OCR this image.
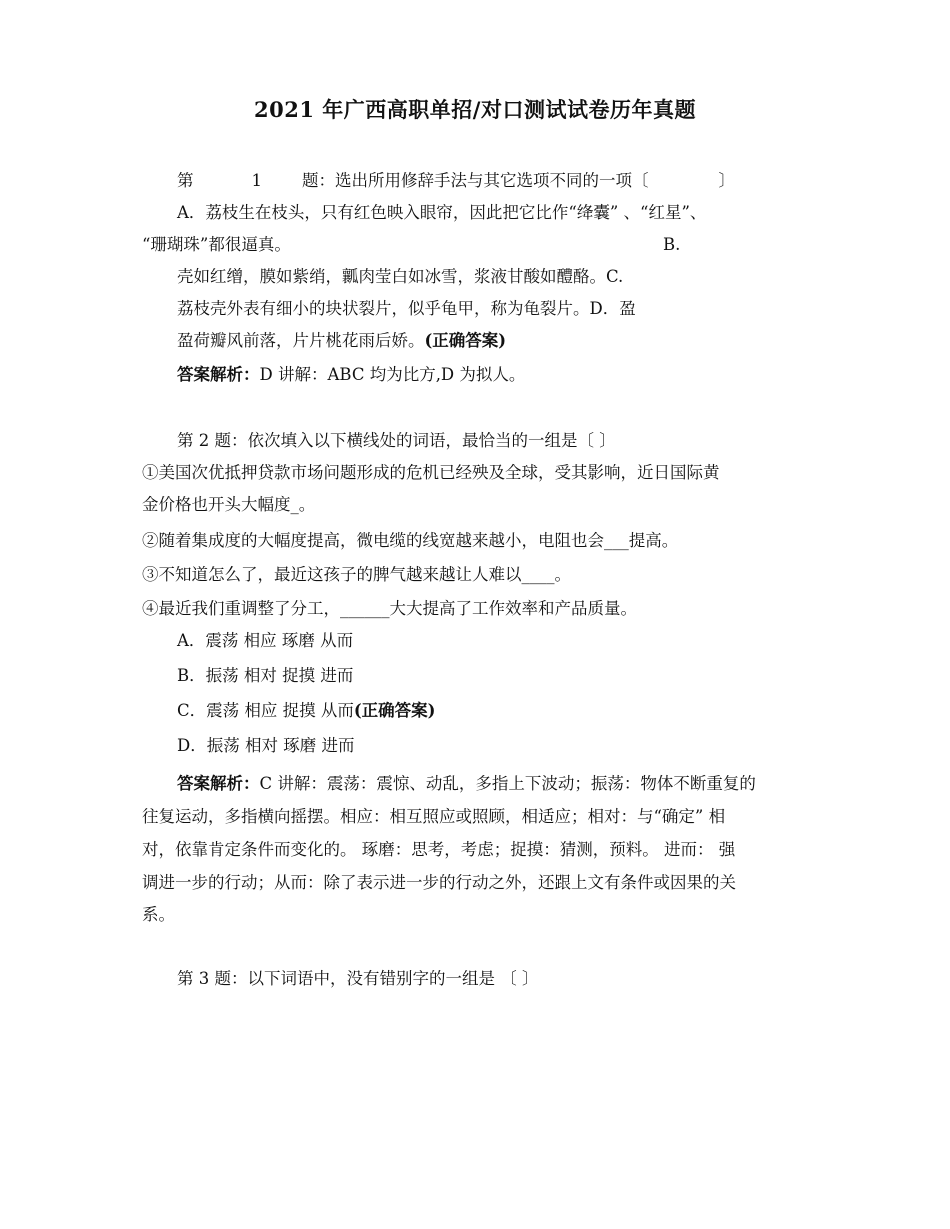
2021 年广西高职单招/对口测试试卷历年真题
第	1 题：选出所用修辞手法与其它选项不同的一项〔	〕
A．荔枝生在枝头，只有红色映入眼帘，因此把它比作“绛囊” 、“红星”、
“珊瑚珠”都很逼真。	B.
壳如红缯，膜如紫绡，瓤肉莹白如冰雪，浆液甘酸如醴酪。C.
荔枝壳外表有细小的块状裂片，似乎龟甲，称为龟裂片。D．盈
盈荷瓣风前落，片片桃花雨后娇。(正确答案)
答案解析：D 讲解：ABC 均为比方,D 为拟人。
第 2 题：依次填入以下横线处的词语，最恰当的一组是〔 〕
①美国次优抵押贷款市场问题形成的危机已经殃及全球，受其影响，近日国际黄
金价格也开头大幅度_。
②随着集成度的大幅度提高，微电缆的线宽越来越小，电阻也会___提高。
③不知道怎么了，最近这孩子的脾气越来越让人难以____。
④最近我们重调整了分工，______大大提高了工作效率和产品质量。
A．震荡 相应 琢磨 从而
B．振荡 相对 捉摸 进而
C．震荡 相应 捉摸 从而(正确答案)
D．振荡 相对 琢磨 进而
答案解析：C 讲解：震荡：震惊、动乱，多指上下波动；振荡：物体不断重复的
往复运动，多指横向摇摆。相应：相互照应或照顾，相适应；相对：与“确定” 相
对，依靠肯定条件而变化的。 琢磨：思考，考虑；捉摸：猜测，预料。 进而： 强
调进一步的行动；从而：除了表示进一步的行动之外，还跟上文有条件或因果的关
系。
第 3 题：以下词语中，没有错别字的一组是 〔 〕
